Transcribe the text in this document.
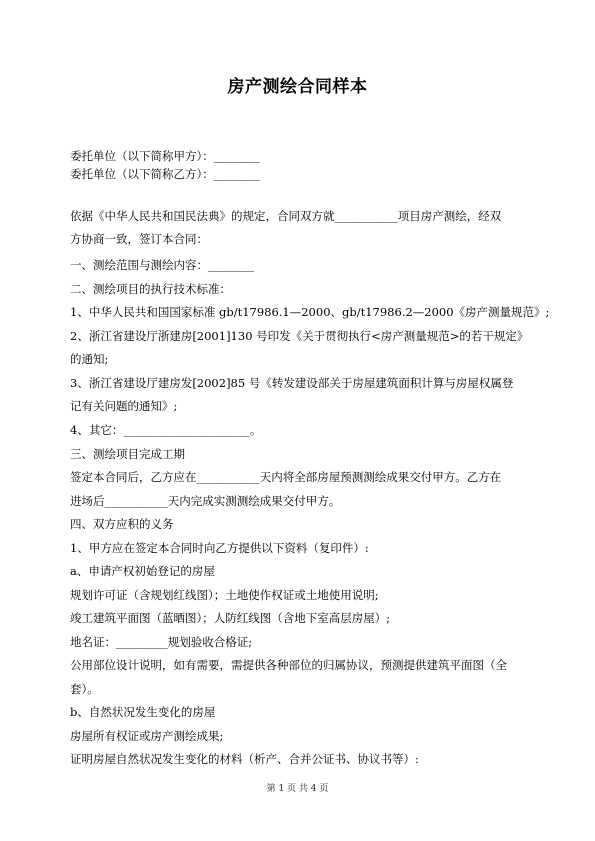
房产测绘合同样本
委托单位（以下简称甲方）：________
委托单位（以下简称乙方）：________
依据《中华人民共和国民法典》的规定，合同双方就___________项目房产测绘，经双
方协商一致，签订本合同：
一、测绘范围与测绘内容：________
二、测绘项目的执行技术标准：
1、中华人民共和国国家标准 gb/t17986.1—2000、gb/t17986.2—2000《房产测量规范》;
2、浙江省建设厅浙建房[2001]130 号印发《关于贯彻执行<房产测量规范>的若干规定》
的通知;
3、浙江省建设厅建房发[2002]85 号《转发建设部关于房屋建筑面积计算与房屋权属登
记有关问题的通知》;
4、其它：______________________。
三、测绘项目完成工期
签定本合同后，乙方应在___________天内将全部房屋预测测绘成果交付甲方。乙方在
进场后___________天内完成实测测绘成果交付甲方。
四、双方应积的义务
1、甲方应在签定本合同时向乙方提供以下资料（复印件）:
a、申请产权初始登记的房屋
规划许可证（含规划红线图）；土地使作权证或土地使用说明;
竣工建筑平面图（蓝晒图）；人防红线图（含地下室高层房屋）;
地名证：_________规划验收合格证;
公用部位设计说明，如有需要，需提供各种部位的归属协议，预测提供建筑平面图（全
套）。
b、自然状况发生变化的房屋
房屋所有权证或房产测绘成果;
证明房屋自然状况发生变化的材料（析产、合并公证书、协议书等）:
第 1 页 共 4 页
